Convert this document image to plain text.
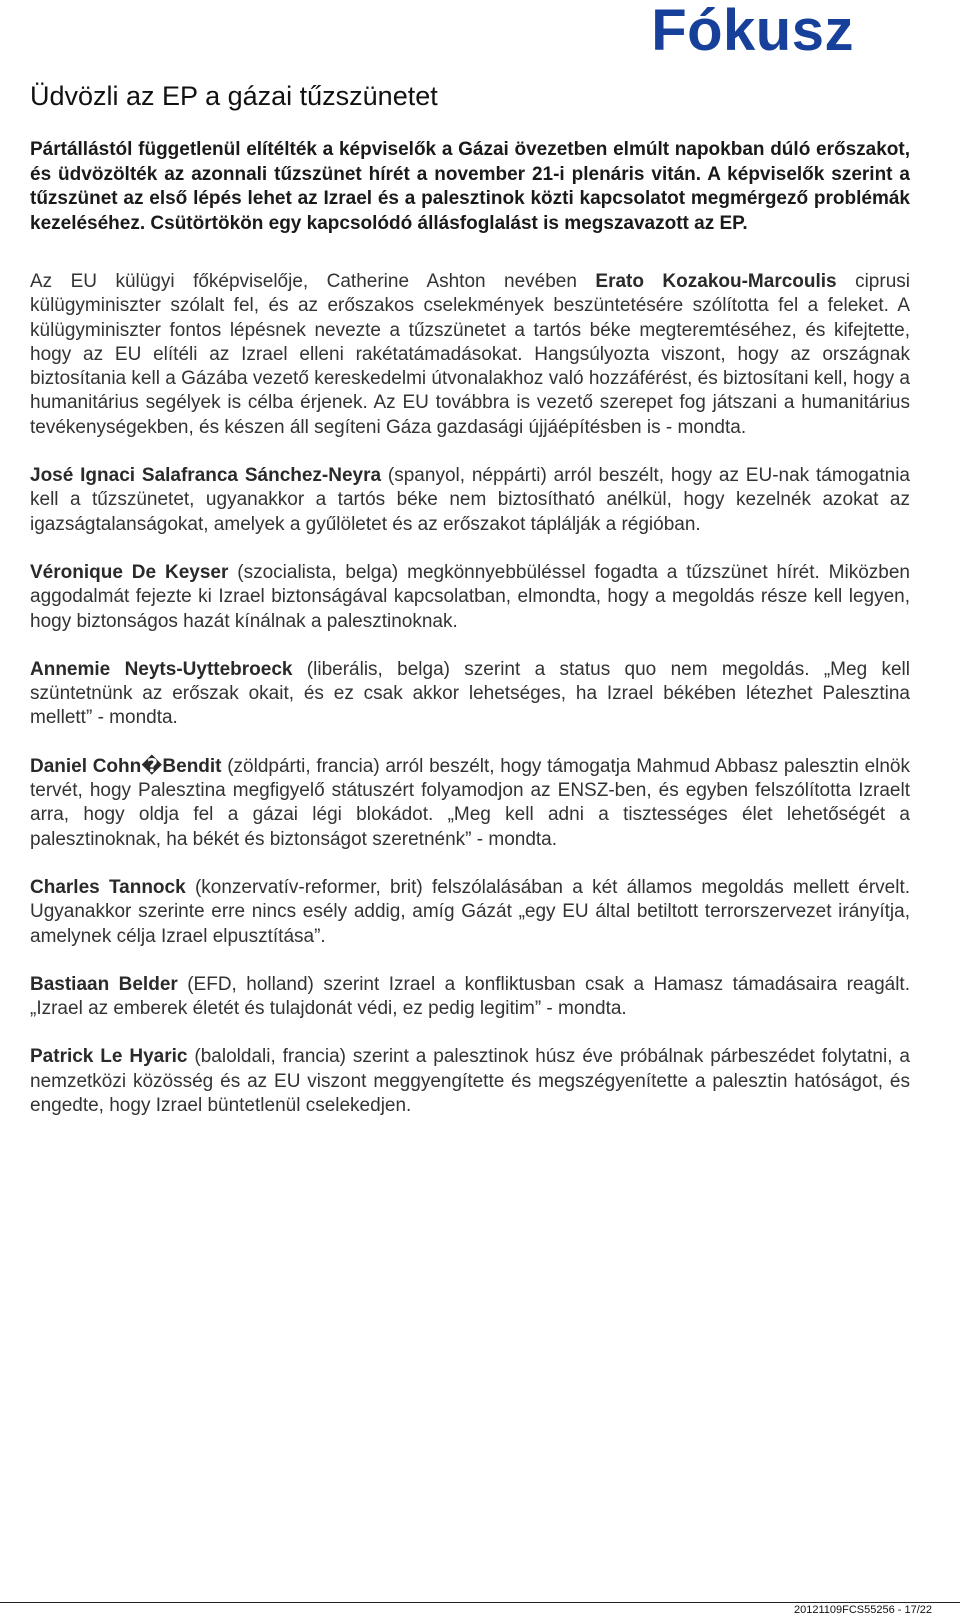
Fókusz
Üdvözli az EP a gázai tűzszünetet

Pártállástól függetlenül elítélték a képviselők a Gázai övezetben elmúlt napokban dúló erőszakot, és üdvözölték az azonnali tűzszünet hírét a november 21-i plenáris vitán. A képviselők szerint a tűzszünet az első lépés lehet az Izrael és a palesztinok közti kapcsolatot megmérgező problémák kezeléséhez. Csütörtökön egy kapcsolódó állásfoglalást is megszavazott az EP.

Az EU külügyi főképviselője, Catherine Ashton nevében Erato Kozakou-Marcoulis ciprusi külügyminiszter szólalt fel, és az erőszakos cselekmények beszüntetésére szólította fel a feleket. A külügyminiszter fontos lépésnek nevezte a tűzszünetet a tartós béke megteremtéséhez, és kifejtette, hogy az EU elítéli az Izrael elleni rakétatámadásokat. Hangsúlyozta viszont, hogy az országnak biztosítania kell a Gázába vezető kereskedelmi útvonalakhoz való hozzáférést, és biztosítani kell, hogy a humanitárius segélyek is célba érjenek. Az EU továbbra is vezető szerepet fog játszani a humanitárius tevékenységekben, és készen áll segíteni Gáza gazdasági újjáépítésben is - mondta.

José Ignaci Salafranca Sánchez-Neyra (spanyol, néppárti) arról beszélt, hogy az EU-nak támogatnia kell a tűzszünetet, ugyanakkor a tartós béke nem biztosítható anélkül, hogy kezelnék azokat az igazságtalanságokat, amelyek a gyűlöletet és az erőszakot táplálják a régióban.

Véronique De Keyser (szocialista, belga) megkönnyebbüléssel fogadta a tűzszünet hírét. Miközben aggodalmát fejezte ki Izrael biztonságával kapcsolatban, elmondta, hogy a megoldás része kell legyen, hogy biztonságos hazát kínálnak a palesztinoknak.

Annemie Neyts-Uyttebroeck (liberális, belga) szerint a status quo nem megoldás. „Meg kell szüntetnünk az erőszak okait, és ez csak akkor lehetséges, ha Izrael békében létezhet Palesztina mellett” - mondta.

Daniel Cohn�Bendit (zöldpárti, francia) arról beszélt, hogy támogatja Mahmud Abbasz palesztin elnök tervét, hogy Palesztina megfigyelő státuszért folyamodjon az ENSZ-ben, és egyben felszólította Izraelt arra, hogy oldja fel a gázai légi blokádot. „Meg kell adni a tisztességes élet lehetőségét a palesztinoknak, ha békét és biztonságot szeretnénk” - mondta.

Charles Tannock (konzervatív-reformer, brit) felszólalásában a két államos megoldás mellett érvelt. Ugyanakkor szerinte erre nincs esély addig, amíg Gázát „egy EU által betiltott terrorszervezet irányítja, amelynek célja Izrael elpusztítása”.

Bastiaan Belder (EFD, holland) szerint Izrael a konfliktusban csak a Hamasz támadásaira reagált. „Izrael az emberek életét és tulajdonát védi, ez pedig legitim” - mondta.

Patrick Le Hyaric (baloldali, francia) szerint a palesztinok húsz éve próbálnak párbeszédet folytatni, a nemzetközi közösség és az EU viszont meggyengítette és megszégyenítette a palesztin hatóságot, és engedte, hogy Izrael büntetlenül cselekedjen.

20121109FCS55256 - 17/22
